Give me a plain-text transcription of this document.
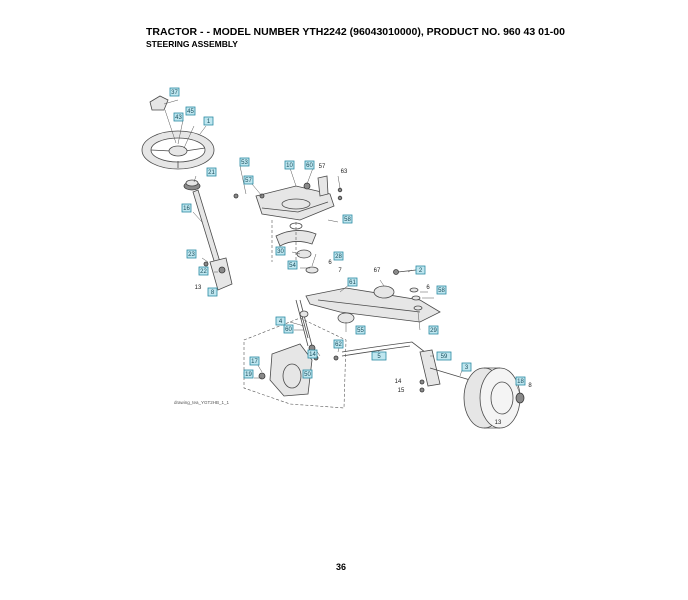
TRACTOR - - MODEL NUMBER YTH2242 (96043010000), PRODUCT NO. 960 43 01-00
STEERING ASSEMBLY
37
45
43
1
21
16
53
57
10 60
58
30
54
23
22
8
28
2
61
4
60
14
62
5	59
55
58
29
3
18
17
19	50
57
63
6
7	67
6
13
14
15
8
13
drawing_tea_YGT2HB_1_1
36
